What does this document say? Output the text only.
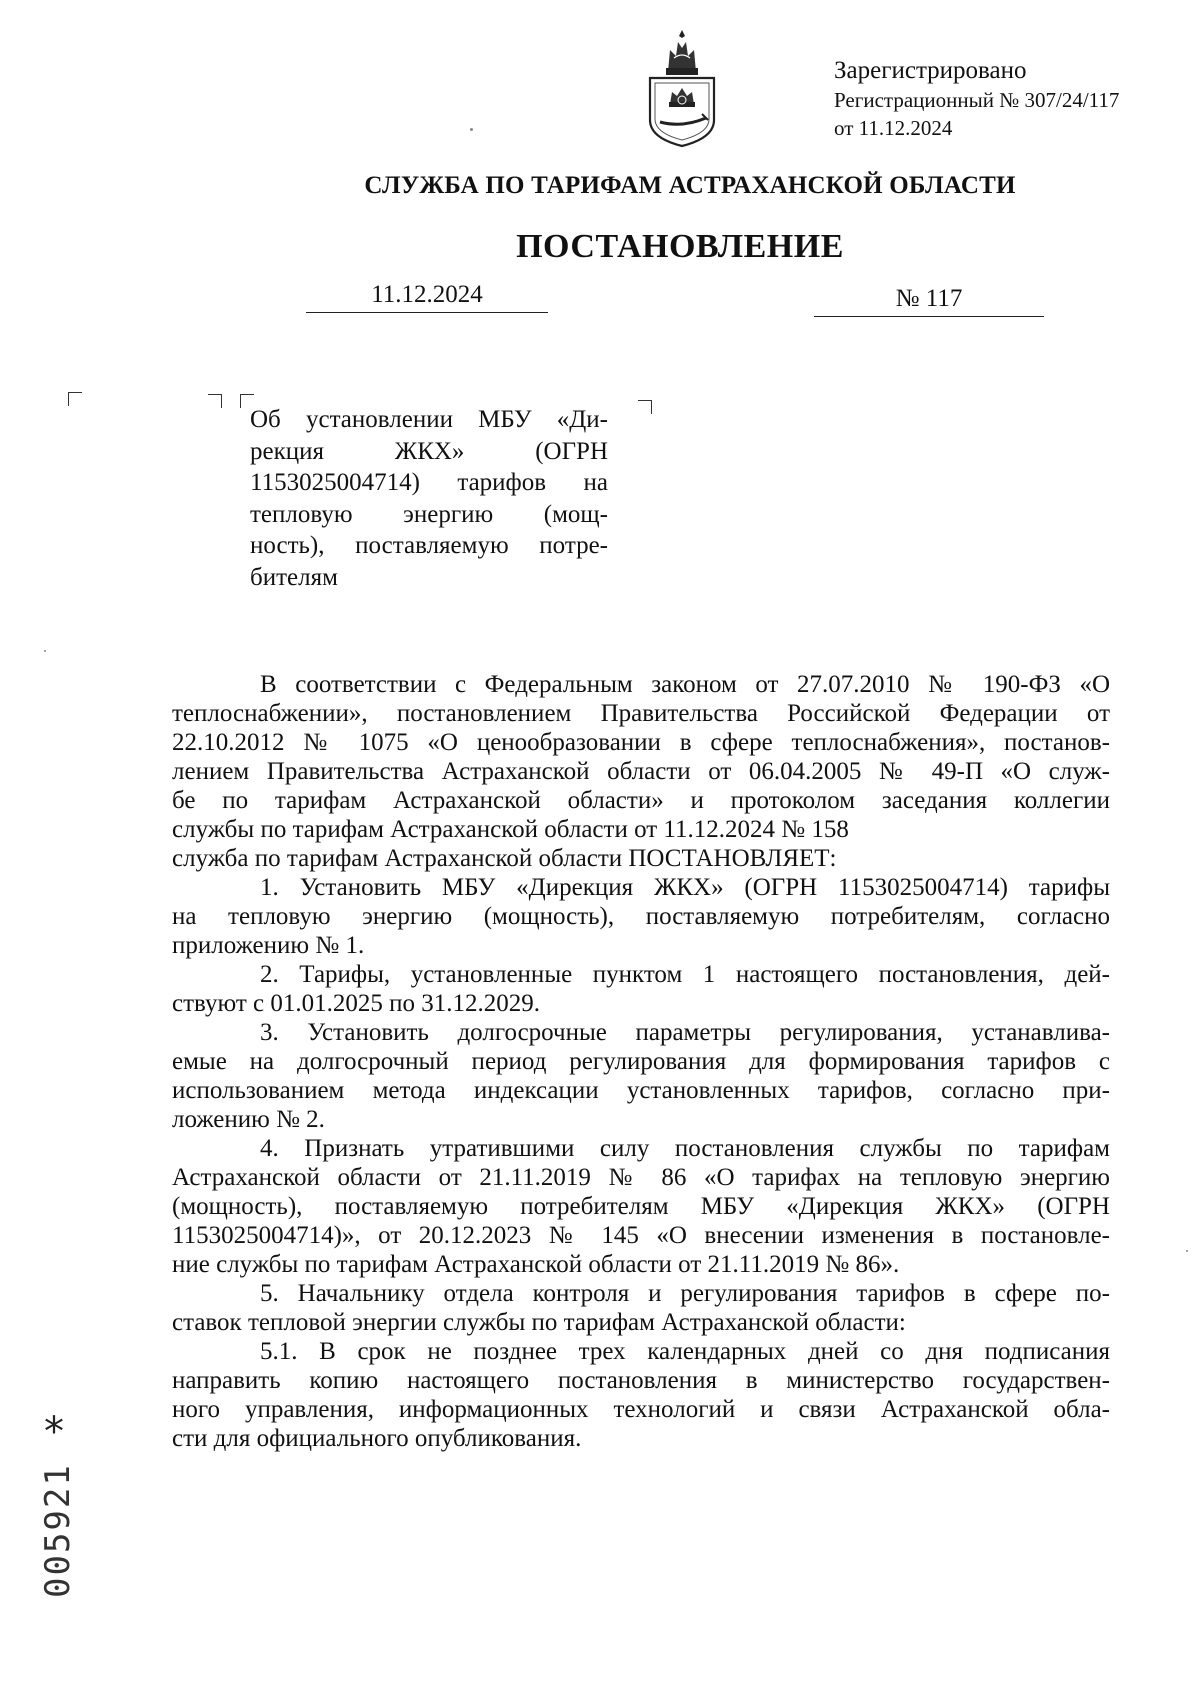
Зарегистрировано
Регистрационный № 307/24/117
от 11.12.2024
СЛУЖБА ПО ТАРИФАМ АСТРАХАНСКОЙ ОБЛАСТИ
ПОСТАНОВЛЕНИЕ
11.12.2024	№ 117
Об установлении МБУ «Ди-
рекция ЖКХ» (ОГРН
1153025004714) тарифов на
тепловую энергию (мощ-
ность), поставляемую потре-
бителям
В соответствии с Федеральным законом от 27.07.2010 № 190-ФЗ «О
теплоснабжении», постановлением Правительства Российской Федерации от
22.10.2012 № 1075 «О ценообразовании в сфере теплоснабжения», постанов-
лением Правительства Астраханской области от 06.04.2005 № 49-П «О служ-
бе по тарифам Астраханской области» и протоколом заседания коллегии
службы по тарифам Астраханской области от 11.12.2024 № 158
служба по тарифам Астраханской области ПОСТАНОВЛЯЕТ:
1. Установить МБУ «Дирекция ЖКХ» (ОГРН 1153025004714) тарифы
на тепловую энергию (мощность), поставляемую потребителям, согласно
приложению № 1.
2. Тарифы, установленные пунктом 1 настоящего постановления, дей-
ствуют с 01.01.2025 по 31.12.2029.
3. Установить долгосрочные параметры регулирования, устанавлива-
емые на долгосрочный период регулирования для формирования тарифов с
использованием метода индексации установленных тарифов, согласно при-
ложению № 2.
4. Признать утратившими силу постановления службы по тарифам
Астраханской области от 21.11.2019 № 86 «О тарифах на тепловую энергию
(мощность), поставляемую потребителям МБУ «Дирекция ЖКХ» (ОГРН
1153025004714)», от 20.12.2023 № 145 «О внесении изменения в постановле-
ние службы по тарифам Астраханской области от 21.11.2019 № 86».
5. Начальнику отдела контроля и регулирования тарифов в сфере по-
ставок тепловой энергии службы по тарифам Астраханской области:
5.1. В срок не позднее трех календарных дней со дня подписания
направить копию настоящего постановления в министерство государствен-
ного управления, информационных технологий и связи Астраханской обла-
сти для официального опубликования.
*
005921
